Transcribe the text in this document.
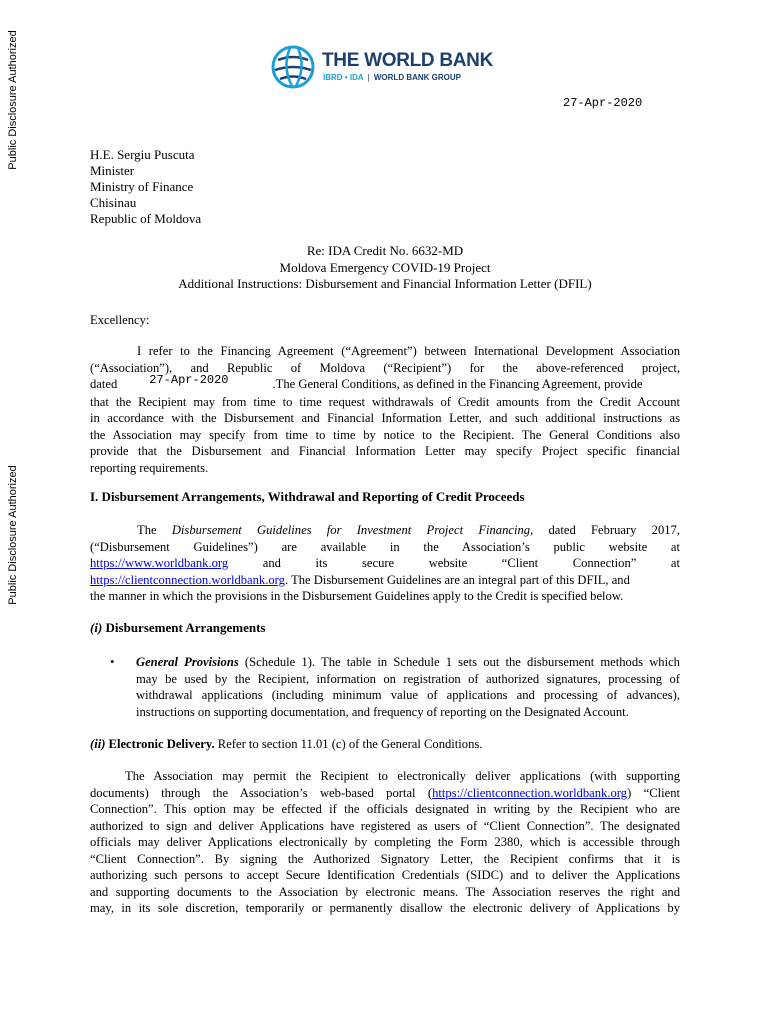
Public Disclosure Authorized
Public Disclosure Authorized
THE WORLD BANK
IBRD • IDA | WORLD BANK GROUP
27-Apr-2020
H.E. Sergiu Puscuta
Minister
Ministry of Finance
Chisinau
Republic of Moldova
Re: IDA Credit No. 6632-MD
Moldova Emergency COVID-19 Project
Additional Instructions: Disbursement and Financial Information Letter (DFIL)
Excellency:
I refer to the Financing Agreement (“Agreement”) between International Development Association
(“Association”), and Republic of Moldova (“Recipient”) for the above-referenced project,
dated	27-Apr-2020	.The General Conditions, as defined in the Financing Agreement, provide
that the Recipient may from time to time request withdrawals of Credit amounts from the Credit Account
in accordance with the Disbursement and Financial Information Letter, and such additional instructions as
the Association may specify from time to time by notice to the Recipient. The General Conditions also
provide that the Disbursement and Financial Information Letter may specify Project specific financial
reporting requirements.
I. Disbursement Arrangements, Withdrawal and Reporting of Credit Proceeds
The Disbursement Guidelines for Investment Project Financing, dated February 2017,
(“Disbursement Guidelines”) are available in the Association’s public website at
https://www.worldbank.org	and its secure website “Client Connection” at
https://clientconnection.worldbank.org. The Disbursement Guidelines are an integral part of this DFIL, and
the manner in which the provisions in the Disbursement Guidelines apply to the Credit is specified below.
(i) Disbursement Arrangements
• General Provisions (Schedule 1). The table in Schedule 1 sets out the disbursement methods which
may be used by the Recipient, information on registration of authorized signatures, processing of
withdrawal applications (including minimum value of applications and processing of advances),
instructions on supporting documentation, and frequency of reporting on the Designated Account.
(ii) Electronic Delivery. Refer to section 11.01 (c) of the General Conditions.
The Association may permit the Recipient to electronically deliver applications (with supporting
documents) through the Association’s web-based portal (https://clientconnection.worldbank.org) “Client
Connection”. This option may be effected if the officials designated in writing by the Recipient who are
authorized to sign and deliver Applications have registered as users of “Client Connection”. The designated
officials may deliver Applications electronically by completing the Form 2380, which is accessible through
“Client Connection”. By signing the Authorized Signatory Letter, the Recipient confirms that it is
authorizing such persons to accept Secure Identification Credentials (SIDC) and to deliver the Applications
and supporting documents to the Association by electronic means. The Association reserves the right and
may, in its sole discretion, temporarily or permanently disallow the electronic delivery of Applications by
